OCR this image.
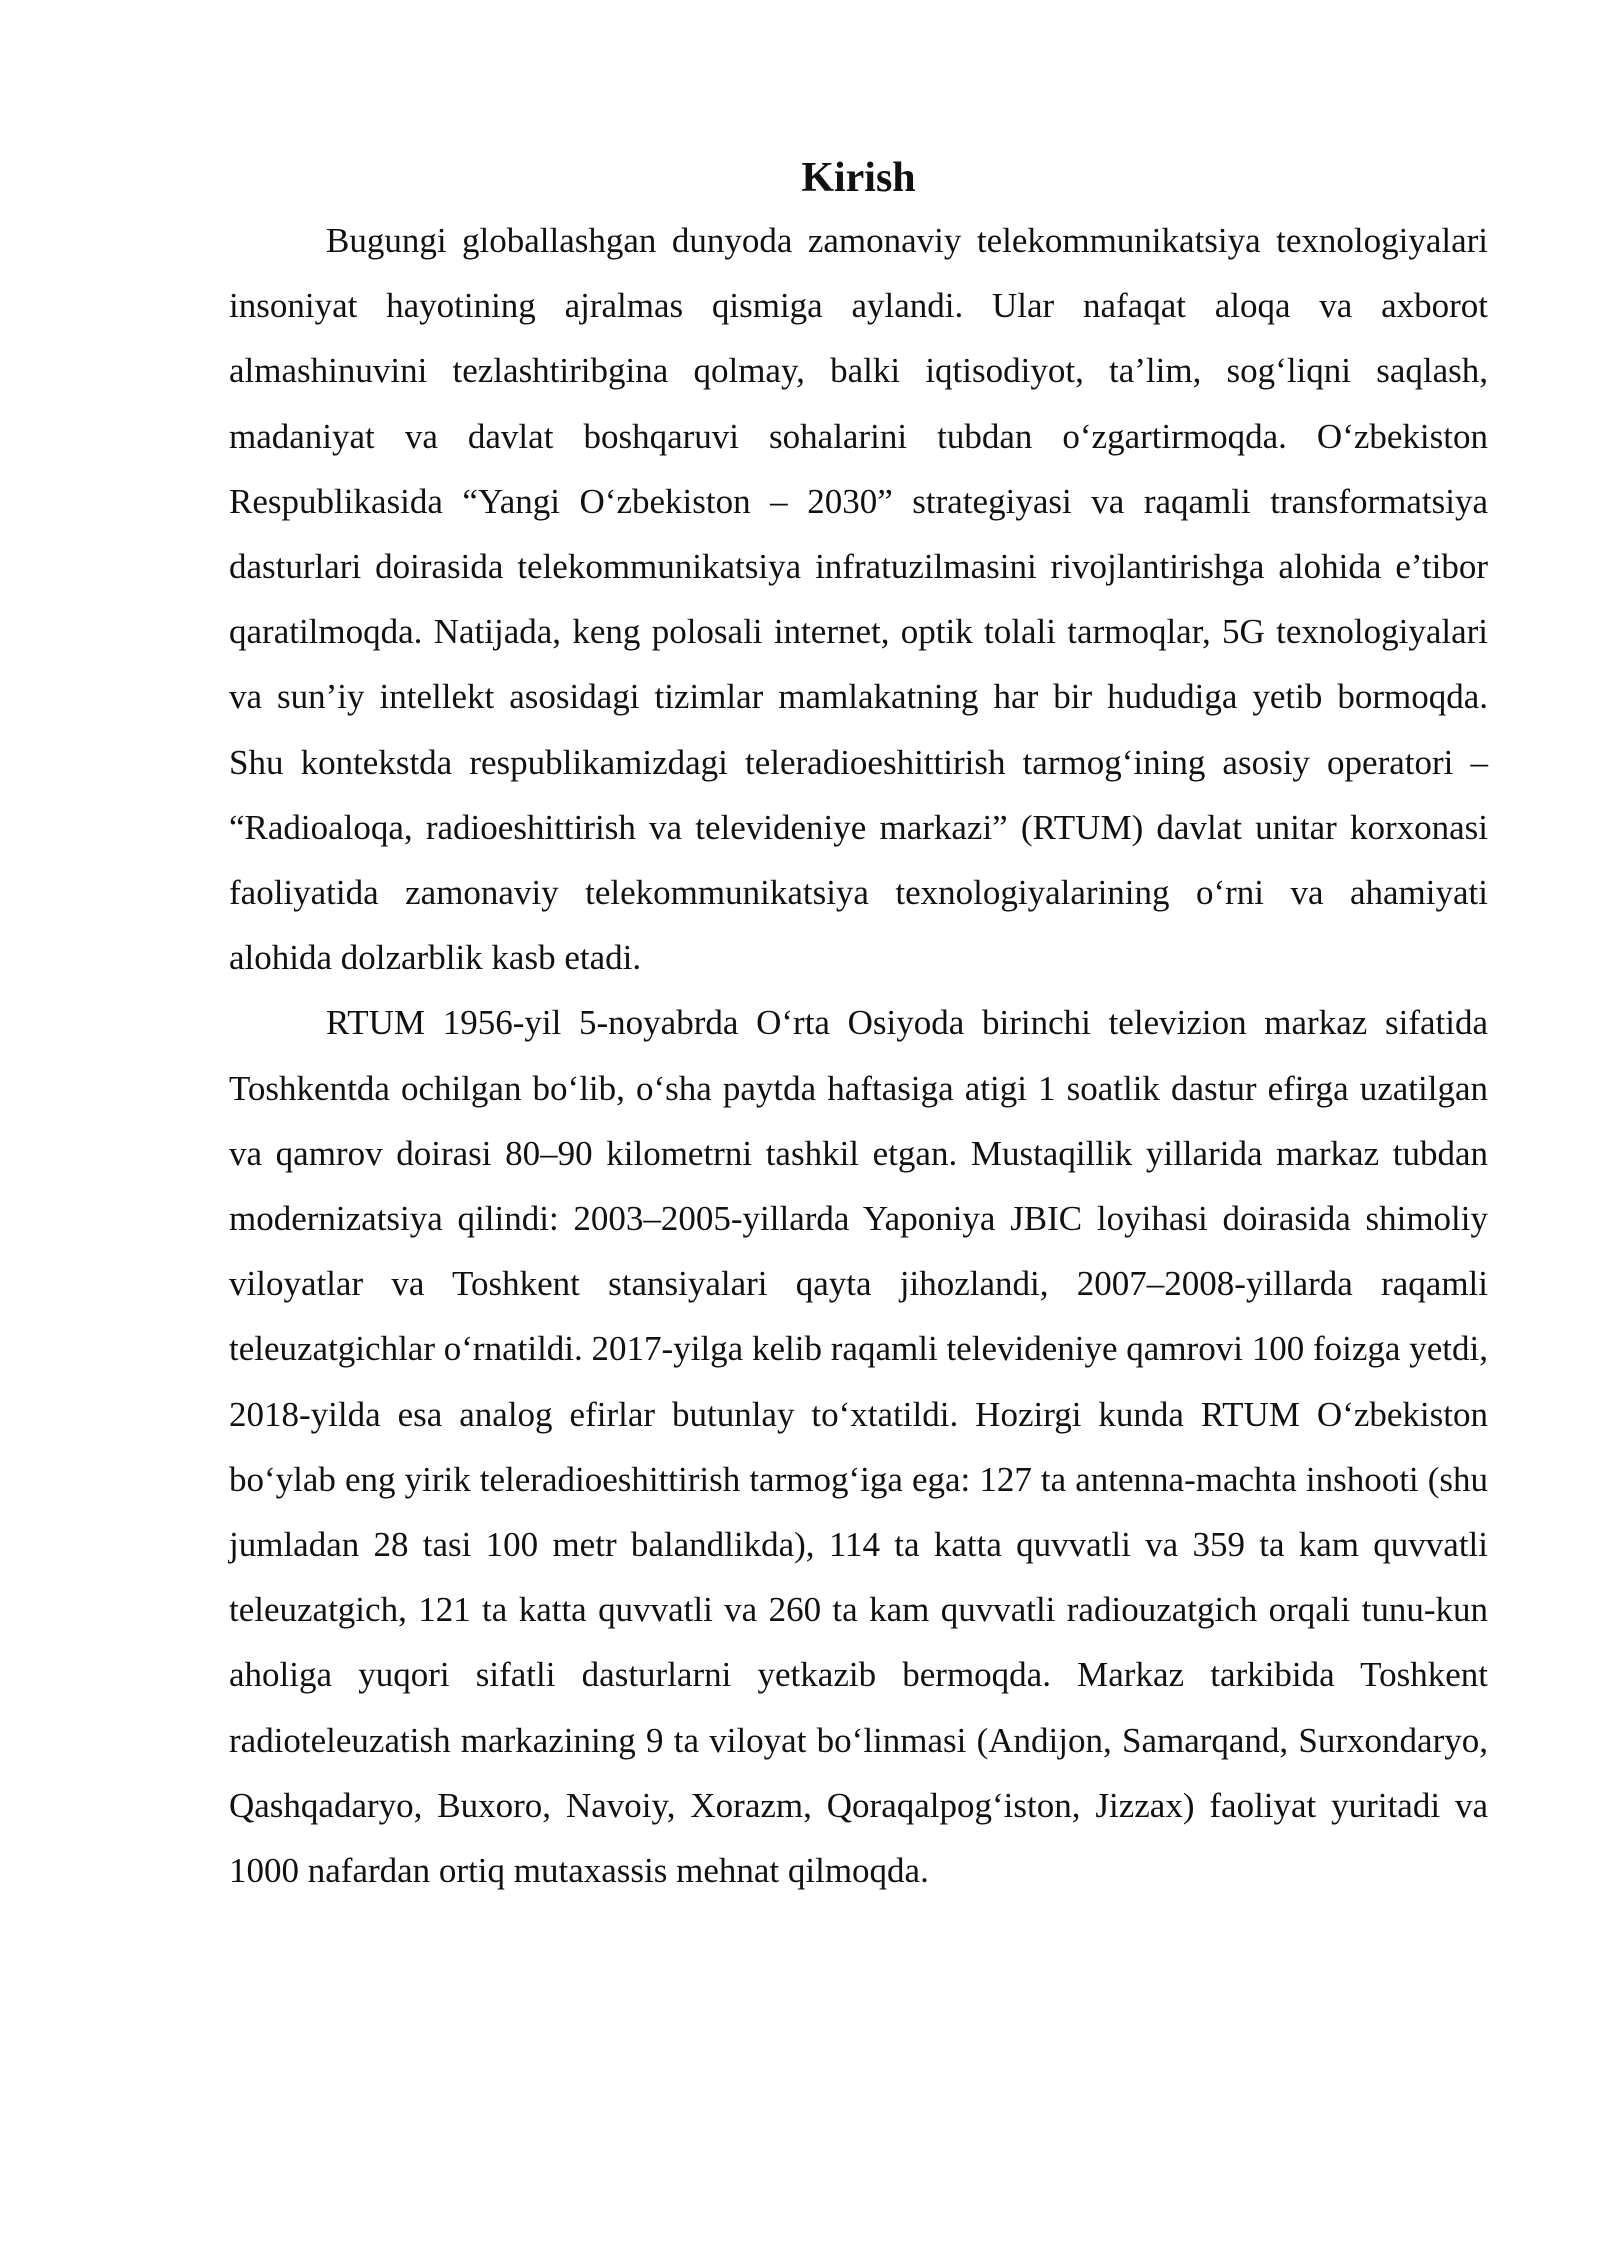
Kirish

Bugungi globallashgan dunyoda zamonaviy telekommunikatsiya texnologiyalari insoniyat hayotining ajralmas qismiga aylandi. Ular nafaqat aloqa va axborot almashinuvini tezlashtiribgina qolmay, balki iqtisodiyot, ta’lim, sog‘liqni saqlash, madaniyat va davlat boshqaruvi sohalarini tubdan o‘zgartirmoqda. O‘zbekiston Respublikasida “Yangi O‘zbekiston – 2030” strategiyasi va raqamli transformatsiya dasturlari doirasida telekommunikatsiya infratuzilmasini rivojlantirishga alohida e’tibor qaratilmoqda. Natijada, keng polosali internet, optik tolali tarmoqlar, 5G texnologiyalari va sun’iy intellekt asosidagi tizimlar mamlakatning har bir hududiga yetib bormoqda. Shu kontekstda respublikamizdagi teleradioeshittirish tarmog‘ining asosiy operatori – “Radioaloqa, radioeshittirish va televideniye markazi” (RTUM) davlat unitar korxonasi faoliyatida zamonaviy telekommunikatsiya texnologiyalarining o‘rni va ahamiyati alohida dolzarblik kasb etadi.

RTUM 1956-yil 5-noyabrda O‘rta Osiyoda birinchi televizion markaz sifatida Toshkentda ochilgan bo‘lib, o‘sha paytda haftasiga atigi 1 soatlik dastur efirga uzatilgan va qamrov doirasi 80–90 kilometrni tashkil etgan. Mustaqillik yillarida markaz tubdan modernizatsiya qilindi: 2003–2005-yillarda Yaponiya JBIC loyihasi doirasida shimoliy viloyatlar va Toshkent stansiyalari qayta jihozlandi, 2007–2008-yillarda raqamli teleuzatgichlar o‘rnatildi. 2017-yilga kelib raqamli televideniye qamrovi 100 foizga yetdi, 2018-yilda esa analog efirlar butunlay to‘xtatildi. Hozirgi kunda RTUM O‘zbekiston bo‘ylab eng yirik teleradioeshittirish tarmog‘iga ega: 127 ta antenna-machta inshooti (shu jumladan 28 tasi 100 metr balandlikda), 114 ta katta quvvatli va 359 ta kam quvvatli teleuzatgich, 121 ta katta quvvatli va 260 ta kam quvvatli radiouzatgich orqali tunu-kun aholiga yuqori sifatli dasturlarni yetkazib bermoqda. Markaz tarkibida Toshkent radioteleuzatish markazining 9 ta viloyat bo‘linmasi (Andijon, Samarqand, Surxondaryo, Qashqadaryo, Buxoro, Navoiy, Xorazm, Qoraqalpog‘iston, Jizzax) faoliyat yuritadi va 1000 nafardan ortiq mutaxassis mehnat qilmoqda.
